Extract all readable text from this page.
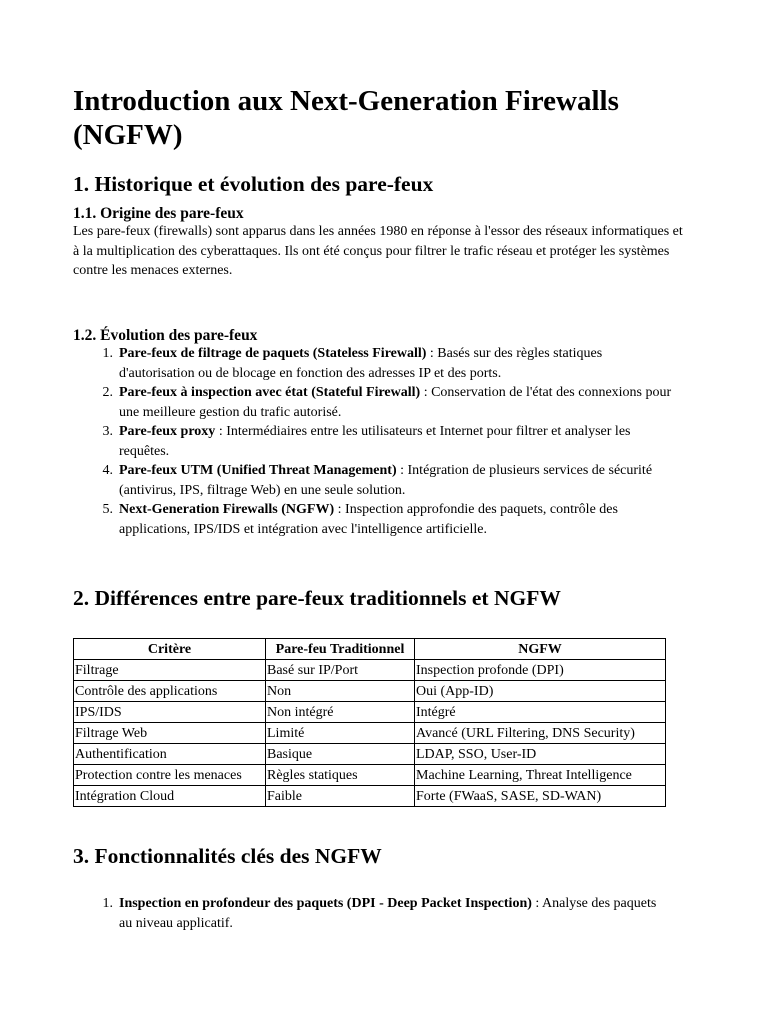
Introduction aux Next-Generation Firewalls (NGFW)
1. Historique et évolution des pare-feux
1.1. Origine des pare-feux

Les pare-feux (firewalls) sont apparus dans les années 1980 en réponse à l'essor des réseaux informatiques et à la multiplication des cyberattaques. Ils ont été conçus pour filtrer le trafic réseau et protéger les systèmes contre les menaces externes.

1.2. Évolution des pare-feux
1. Pare-feux de filtrage de paquets (Stateless Firewall) : Basés sur des règles statiques d'autorisation ou de blocage en fonction des adresses IP et des ports.
2. Pare-feux à inspection avec état (Stateful Firewall) : Conservation de l'état des connexions pour une meilleure gestion du trafic autorisé.
3. Pare-feux proxy : Intermédiaires entre les utilisateurs et Internet pour filtrer et analyser les requêtes.
4. Pare-feux UTM (Unified Threat Management) : Intégration de plusieurs services de sécurité (antivirus, IPS, filtrage Web) en une seule solution.
5. Next-Generation Firewalls (NGFW) : Inspection approfondie des paquets, contrôle des applications, IPS/IDS et intégration avec l'intelligence artificielle.
2. Différences entre pare-feux traditionnels et NGFW
Critère	Pare-feu Traditionnel	NGFW
Filtrage	Basé sur IP/Port	Inspection profonde (DPI)
Contrôle des applications	Non	Oui (App-ID)
IPS/IDS	Non intégré	Intégré
Filtrage Web	Limité	Avancé (URL Filtering, DNS Security)
Authentification	Basique	LDAP, SSO, User-ID
Protection contre les menaces	Règles statiques	Machine Learning, Threat Intelligence
Intégration Cloud	Faible	Forte (FWaaS, SASE, SD-WAN)
3. Fonctionnalités clés des NGFW
1. Inspection en profondeur des paquets (DPI - Deep Packet Inspection) : Analyse des paquets au niveau applicatif.
